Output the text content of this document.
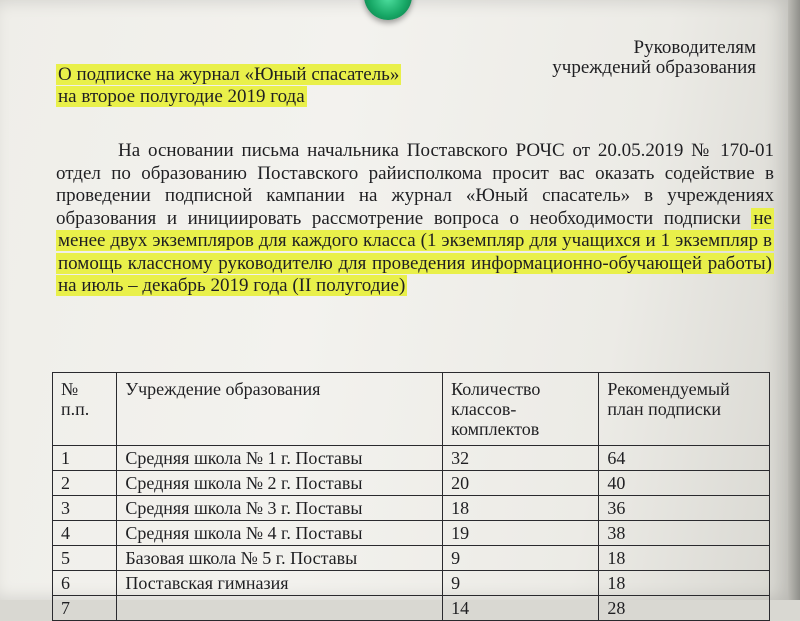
Руководителям
учреждений образования
О подписке на журнал «Юный спасатель»
на второе полугодие 2019 года
На основании письма начальника Поставского РОЧС от 20.05.2019 № 170-01 отдел по образованию Поставского райисполкома просит вас оказать содействие в проведении подписной кампании на журнал «Юный спасатель» в учреждениях образования и инициировать рассмотрение вопроса о необходимости подписки не менее двух экземпляров для каждого класса (1 экземпляр для учащихся и 1 экземпляр в помощь классному руководителю для проведения информационно-обучающей работы) на июль – декабрь 2019 года (II полугодие)
№ п.п.	Учреждение образования	Количество классов-комплектов	Рекомендуемый план подписки
1	Средняя школа № 1 г. Поставы	32	64
2	Средняя школа № 2 г. Поставы	20	40
3	Средняя школа № 3 г. Поставы	18	36
4	Средняя школа № 4 г. Поставы	19	38
5	Базовая школа № 5 г. Поставы	9	18
6	Поставская гимназия	9	18
7		14	28
